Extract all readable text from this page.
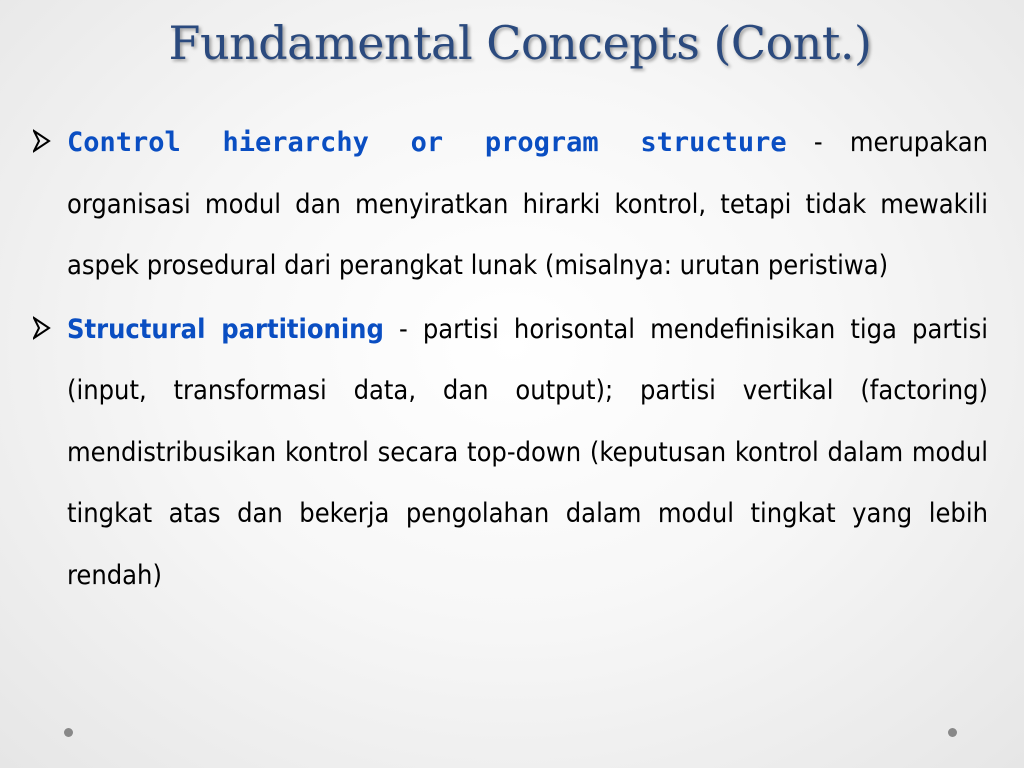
Fundamental Concepts (Cont.)
Control hierarchy or program structure - merupakan organisasi modul dan menyiratkan hirarki kontrol, tetapi tidak mewakili aspek prosedural dari perangkat lunak (misalnya: urutan peristiwa)
Structural partitioning - partisi horisontal mendefinisikan tiga partisi (input, transformasi data, dan output); partisi vertikal (factoring) mendistribusikan kontrol secara top-down (keputusan kontrol dalam modul tingkat atas dan bekerja pengolahan dalam modul tingkat yang lebih rendah)
